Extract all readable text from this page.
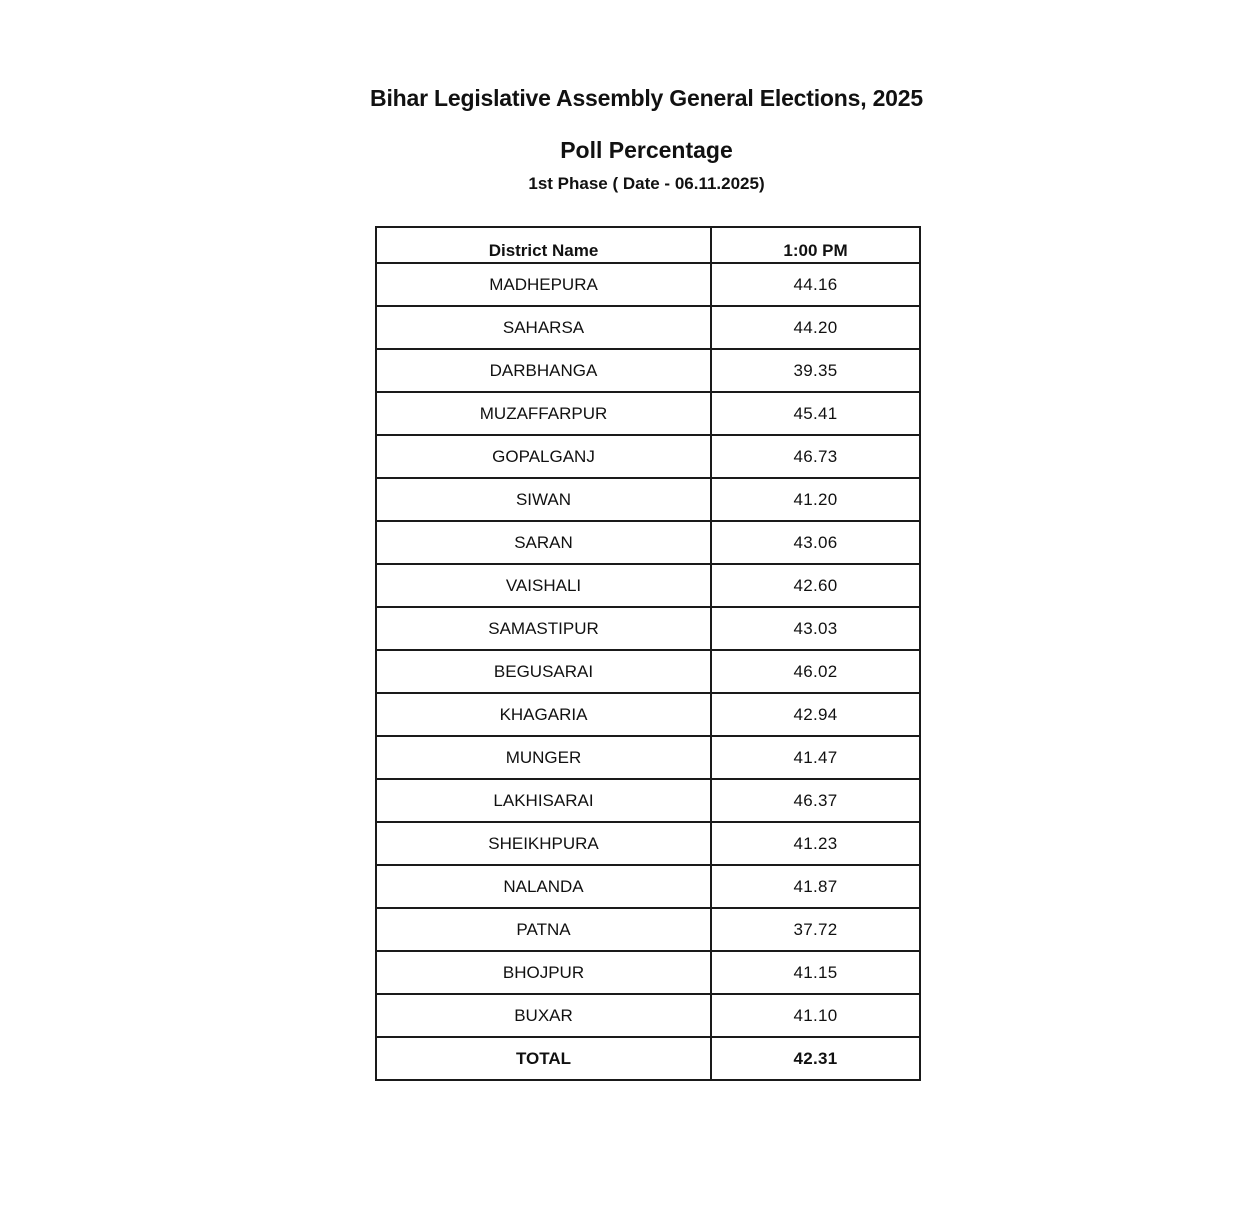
Bihar Legislative Assembly General Elections, 2025
Poll Percentage
1st Phase ( Date - 06.11.2025)
District Name	1:00 PM
MADHEPURA	44.16
SAHARSA	44.20
DARBHANGA	39.35
MUZAFFARPUR	45.41
GOPALGANJ	46.73
SIWAN	41.20
SARAN	43.06
VAISHALI	42.60
SAMASTIPUR	43.03
BEGUSARAI	46.02
KHAGARIA	42.94
MUNGER	41.47
LAKHISARAI	46.37
SHEIKHPURA	41.23
NALANDA	41.87
PATNA	37.72
BHOJPUR	41.15
BUXAR	41.10
TOTAL	42.31
